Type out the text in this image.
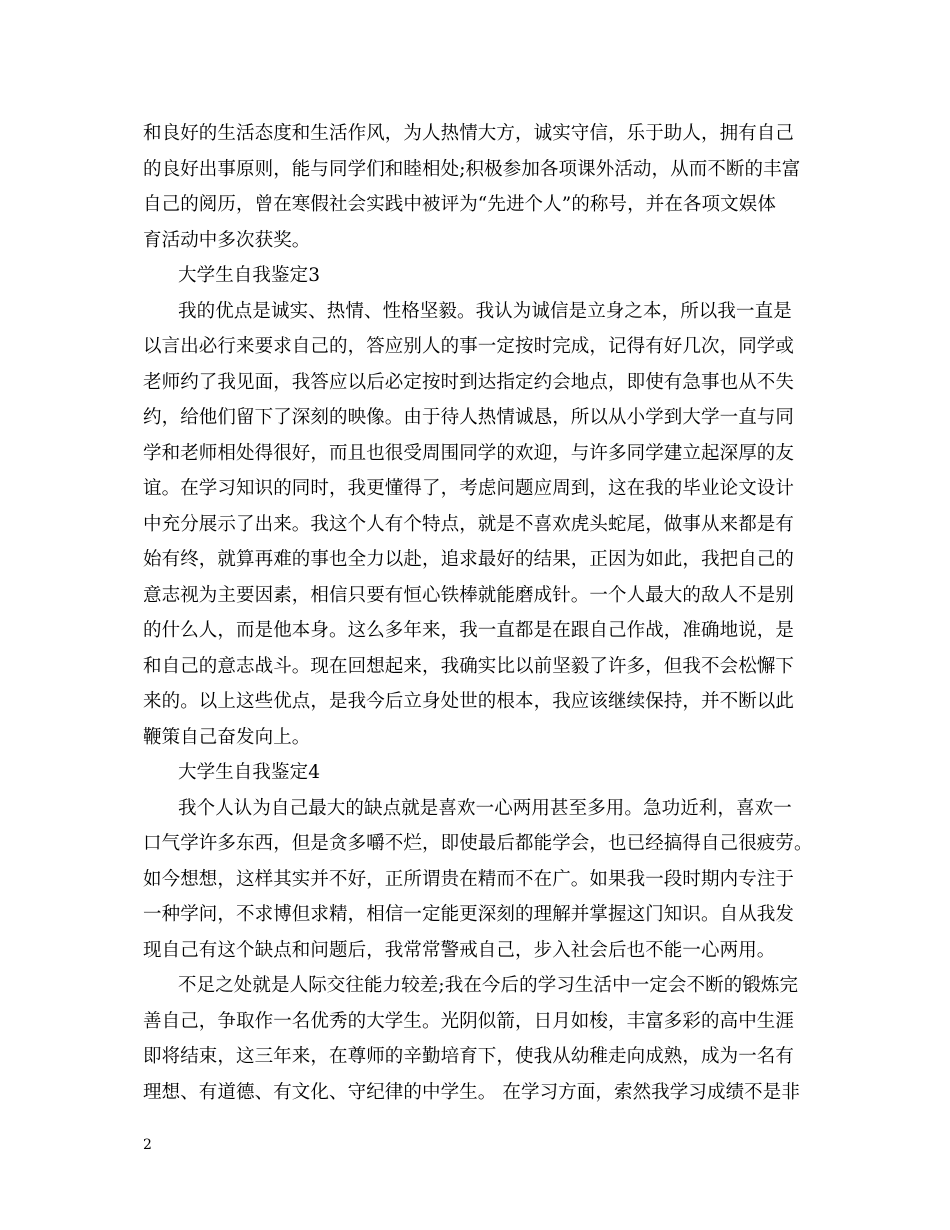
和良好的生活态度和生活作风，为人热情大方，诚实守信，乐于助人，拥有自己
的良好出事原则，能与同学们和睦相处;积极参加各项课外活动，从而不断的丰富
自己的阅历，曾在寒假社会实践中被评为“先进个人”的称号，并在各项文娱体
育活动中多次获奖。
大学生自我鉴定3
我的优点是诚实、热情、性格坚毅。我认为诚信是立身之本，所以我一直是
以言出必行来要求自己的，答应别人的事一定按时完成，记得有好几次，同学或
老师约了我见面，我答应以后必定按时到达指定约会地点，即使有急事也从不失
约，给他们留下了深刻的映像。由于待人热情诚恳，所以从小学到大学一直与同
学和老师相处得很好，而且也很受周围同学的欢迎，与许多同学建立起深厚的友
谊。在学习知识的同时，我更懂得了，考虑问题应周到，这在我的毕业论文设计
中充分展示了出来。我这个人有个特点，就是不喜欢虎头蛇尾，做事从来都是有
始有终，就算再难的事也全力以赴，追求最好的结果，正因为如此，我把自己的
意志视为主要因素，相信只要有恒心铁棒就能磨成针。一个人最大的敌人不是别
的什么人，而是他本身。这么多年来，我一直都是在跟自己作战，准确地说，是
和自己的意志战斗。现在回想起来，我确实比以前坚毅了许多，但我不会松懈下
来的。以上这些优点，是我今后立身处世的根本，我应该继续保持，并不断以此
鞭策自己奋发向上。
大学生自我鉴定4
我个人认为自己最大的缺点就是喜欢一心两用甚至多用。急功近利，喜欢一
口气学许多东西，但是贪多嚼不烂，即使最后都能学会，也已经搞得自己很疲劳。
如今想想，这样其实并不好，正所谓贵在精而不在广。如果我一段时期内专注于
一种学问，不求博但求精，相信一定能更深刻的理解并掌握这门知识。自从我发
现自己有这个缺点和问题后，我常常警戒自己，步入社会后也不能一心两用。
不足之处就是人际交往能力较差;我在今后的学习生活中一定会不断的锻炼完
善自己，争取作一名优秀的大学生。光阴似箭，日月如梭，丰富多彩的高中生涯
即将结束，这三年来，在尊师的辛勤培育下，使我从幼稚走向成熟，成为一名有
理想、有道德、有文化、守纪律的中学生。 在学习方面，索然我学习成绩不是非
2
